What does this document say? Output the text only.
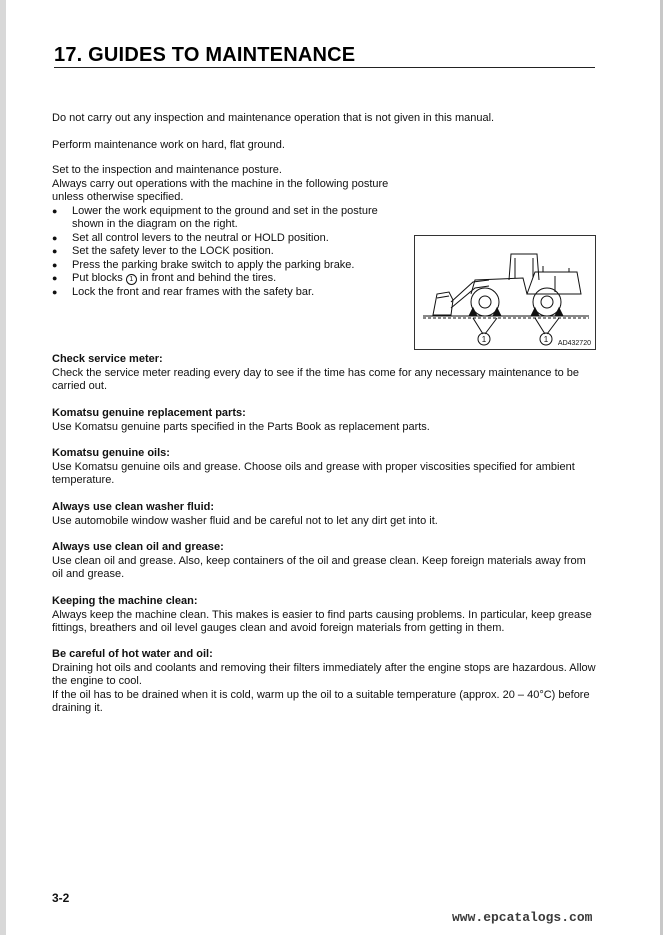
17. GUIDES TO MAINTENANCE

Do not carry out any inspection and maintenance operation that is not given in this manual.

Perform maintenance work on hard, flat ground.

Set to the inspection and maintenance posture.
Always carry out operations with the machine in the following posture unless otherwise specified.
● Lower the work equipment to the ground and set in the posture shown in the diagram on the right.
● Set all control levers to the neutral or HOLD position.
● Set the safety lever to the LOCK position.
● Press the parking brake switch to apply the parking brake.
● Put blocks 1 in front and behind the tires.
● Lock the front and rear frames with the safety bar.
1	1 AD432720
Check service meter:

Check the service meter reading every day to see if the time has come for any necessary maintenance to be carried out.

Komatsu genuine replacement parts:

Use Komatsu genuine parts specified in the Parts Book as replacement parts.

Komatsu genuine oils:

Use Komatsu genuine oils and grease. Choose oils and grease with proper viscosities specified for ambient temperature.

Always use clean washer fluid:

Use automobile window washer fluid and be careful not to let any dirt get into it.

Always use clean oil and grease:

Use clean oil and grease. Also, keep containers of the oil and grease clean. Keep foreign materials away from oil and grease.

Keeping the machine clean:

Always keep the machine clean. This makes is easier to find parts causing problems. In particular, keep grease fittings, breathers and oil level gauges clean and avoid foreign materials from getting in them.

Be careful of hot water and oil:

Draining hot oils and coolants and removing their filters immediately after the engine stops are hazardous. Allow the engine to cool.

If the oil has to be drained when it is cold, warm up the oil to a suitable temperature (approx. 20 – 40°C) before draining it.

3-2
www.epcatalogs.com
